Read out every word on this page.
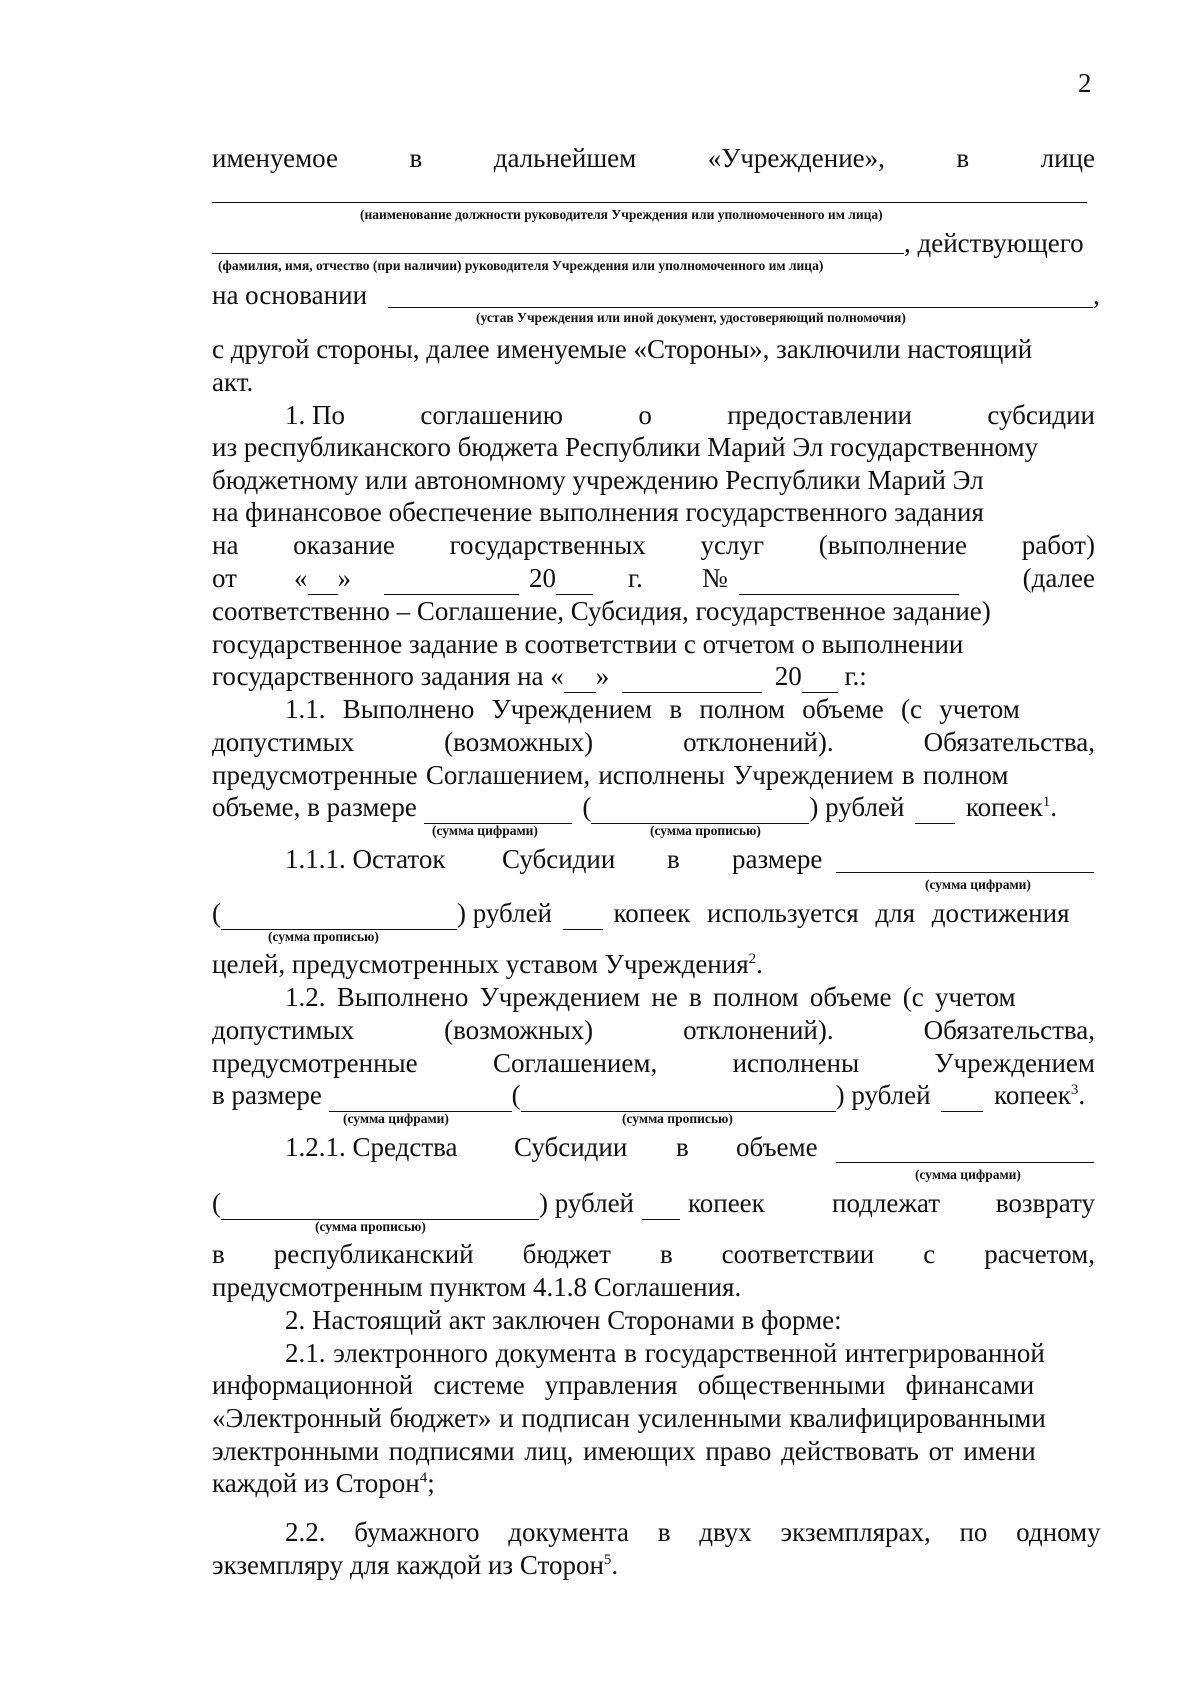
2
именуемое	в	дальнейшем	«Учреждение»,	в	лице
(наименование должности руководителя Учреждения или уполномоченного им лица)
, действующего
(фамилия, имя, отчество (при наличии) руководителя Учреждения или уполномоченного им лица)
на основании	,
(устав Учреждения или иной документ, удостоверяющий полномочия)
с другой стороны, далее именуемые «Стороны», заключили настоящий
акт.
1. По	соглашению	о	предоставлении	субсидии
из республиканского бюджета Республики Марий Эл государственному
бюджетному или автономному учреждению Республики Марий Эл
на финансовое обеспечение выполнения государственного задания
на оказание государственных услуг (выполнение работ)
от « »
	20	г. №
	(далее
соответственно – Соглашение, Субсидия, государственное задание)
государственное задание в соответствии с отчетом о выполнении
государственного задания на « »	20 г.:
1.1. Выполнено Учреждением в полном объеме (с учетом
допустимых	(возможных)	отклонений).	Обязательства,
предусмотренные Соглашением, исполнены Учреждением в полном
объеме, в размере	(	) рублей копеек$^1$.
(сумма цифрами)	(сумма прописью)
1.1.1. Остаток Субсидии в размере
(сумма цифрами)
(	) рублей копеек используется для достижения
(сумма прописью)
целей, предусмотренных уставом Учреждения$^2$.
1.2. Выполнено Учреждением не в полном объеме (с учетом
допустимых	(возможных)	отклонений).	Обязательства,
предусмотренные	Соглашением,	исполнены	Учреждением
в размере	(	) рублей копеек$^3$.
(сумма цифрами)	(сумма прописью)
1.2.1. Средства Субсидии в объеме
(сумма цифрами)
(	) рублей
копеек подлежат возврату
(сумма прописью)
в республиканский бюджет в соответствии с расчетом,
предусмотренным пунктом 4.1.8 Соглашения.
2. Настоящий акт заключен Сторонами в форме:
2.1. электронного документа в государственной интегрированной
информационной системе управления общественными финансами
«Электронный бюджет» и подписан усиленными квалифицированными
электронными подписями лиц, имеющих право действовать от имени
каждой из Сторон$^4$;
2.2. бумажного документа в двух экземплярах, по одному
экземпляру для каждой из Сторон$^5$.
